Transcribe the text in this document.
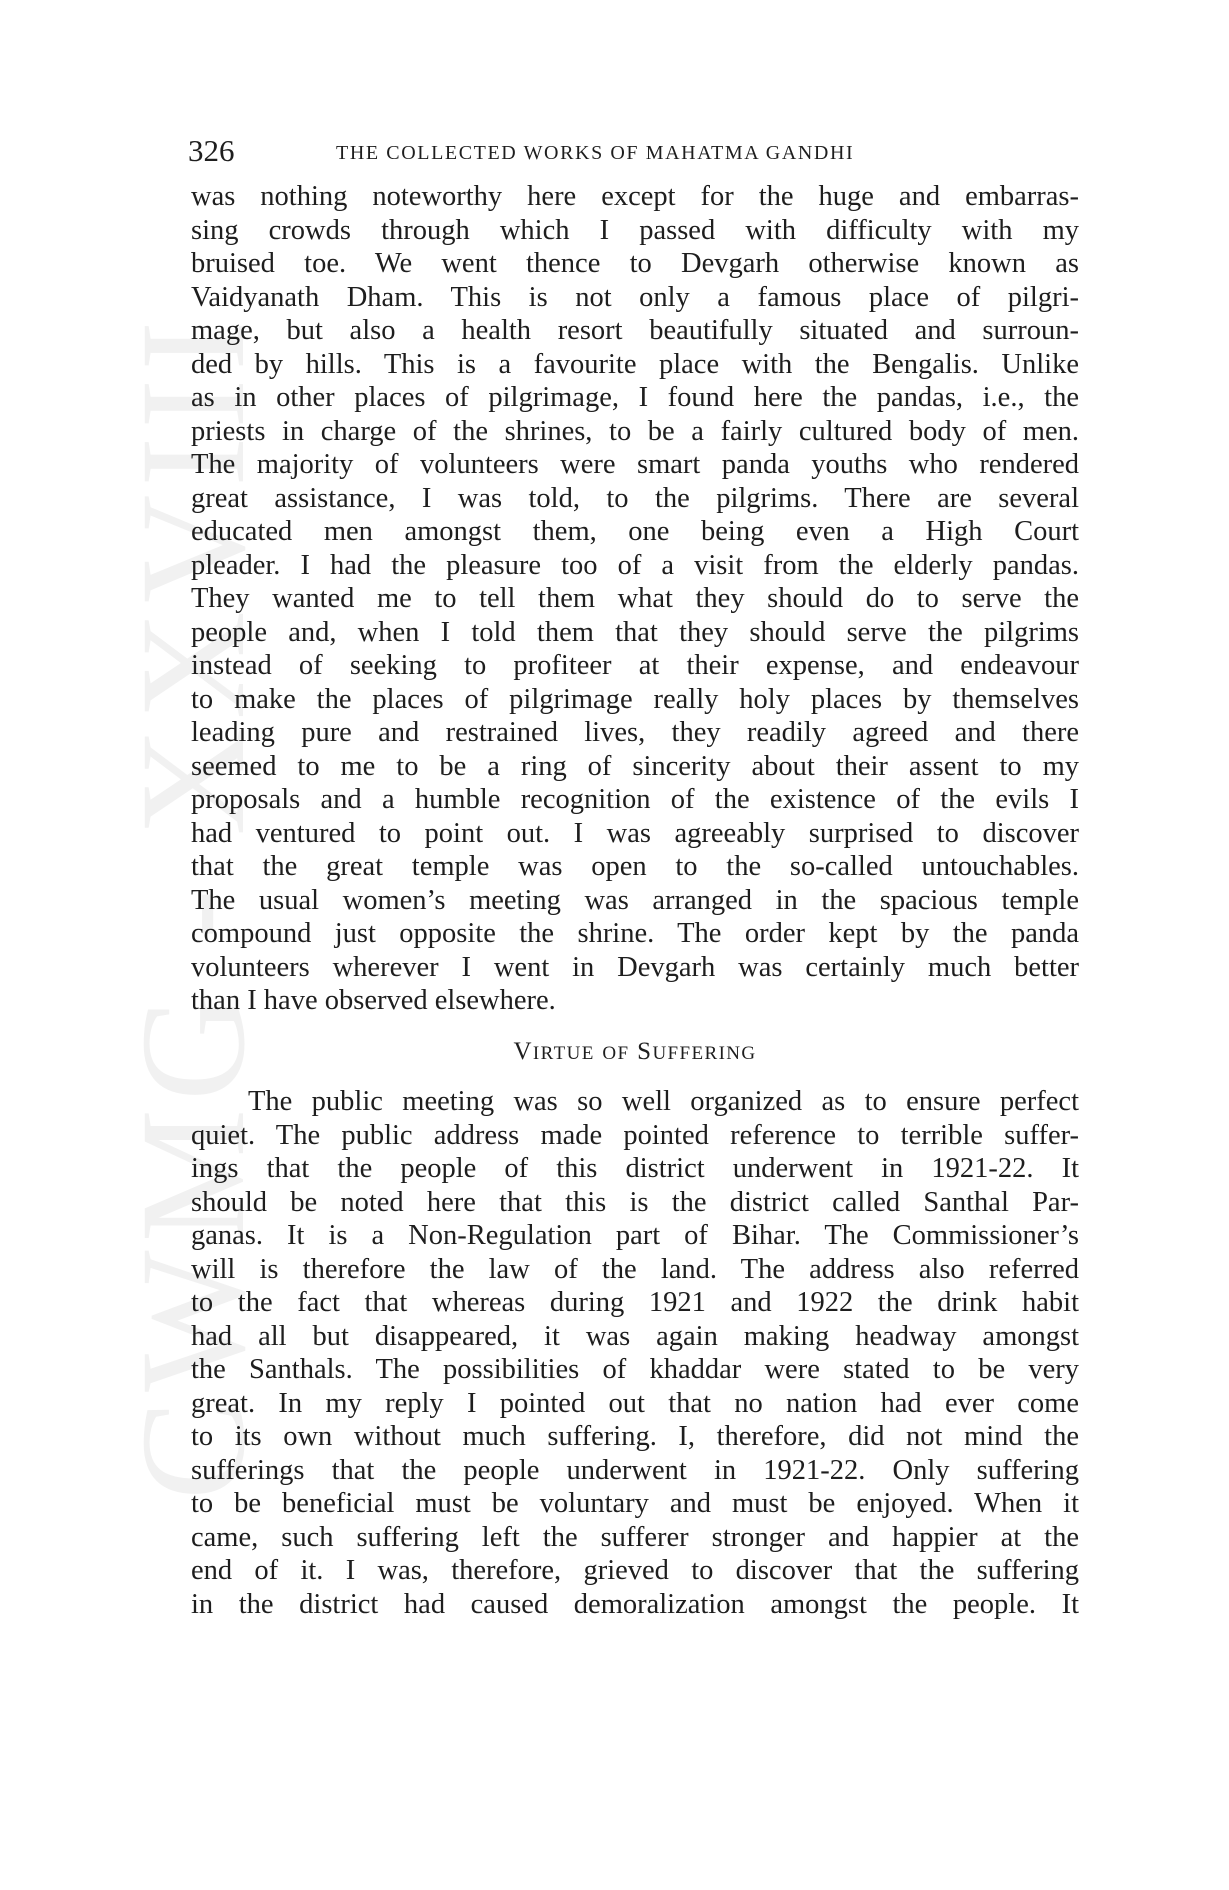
CWMG - XXVIII
326	THE COLLECTED WORKS OF MAHATMA GANDHI
was nothing noteworthy here except for the huge and embarras-
sing crowds through which I passed with difficulty with my
bruised toe. We went thence to Devgarh otherwise known as
Vaidyanath Dham. This is not only a famous place of pilgri-
mage, but also a health resort beautifully situated and surroun-
ded by hills. This is a favourite place with the Bengalis. Unlike
as in other places of pilgrimage, I found here the pandas, i.e., the
priests in charge of the shrines, to be a fairly cultured body of men.
The majority of volunteers were smart panda youths who rendered
great assistance, I was told, to the pilgrims. There are several
educated men amongst them, one being even a High Court
pleader. I had the pleasure too of a visit from the elderly pandas.
They wanted me to tell them what they should do to serve the
people and, when I told them that they should serve the pilgrims
instead of seeking to profiteer at their expense, and endeavour
to make the places of pilgrimage really holy places by themselves
leading pure and restrained lives, they readily agreed and there
seemed to me to be a ring of sincerity about their assent to my
proposals and a humble recognition of the existence of the evils I
had ventured to point out. I was agreeably surprised to discover
that the great temple was open to the so-called untouchables.
The usual women’s meeting was arranged in the spacious temple
compound just opposite the shrine. The order kept by the panda
volunteers wherever I went in Devgarh was certainly much better
than I have observed elsewhere.
VIRTUE OF SUFFERING
The public meeting was so well organized as to ensure perfect
quiet. The public address made pointed reference to terrible suffer-
ings that the people of this district underwent in 1921-22. It
should be noted here that this is the district called Santhal Par-
ganas. It is a Non-Regulation part of Bihar. The Commissioner’s
will is therefore the law of the land. The address also referred
to the fact that whereas during 1921 and 1922 the drink habit
had all but disappeared, it was again making headway amongst
the Santhals. The possibilities of khaddar were stated to be very
great. In my reply I pointed out that no nation had ever come
to its own without much suffering. I, therefore, did not mind the
sufferings that the people underwent in 1921-22. Only suffering
to be beneficial must be voluntary and must be enjoyed. When it
came, such suffering left the sufferer stronger and happier at the
end of it. I was, therefore, grieved to discover that the suffering
in the district had caused demoralization amongst the people. It
